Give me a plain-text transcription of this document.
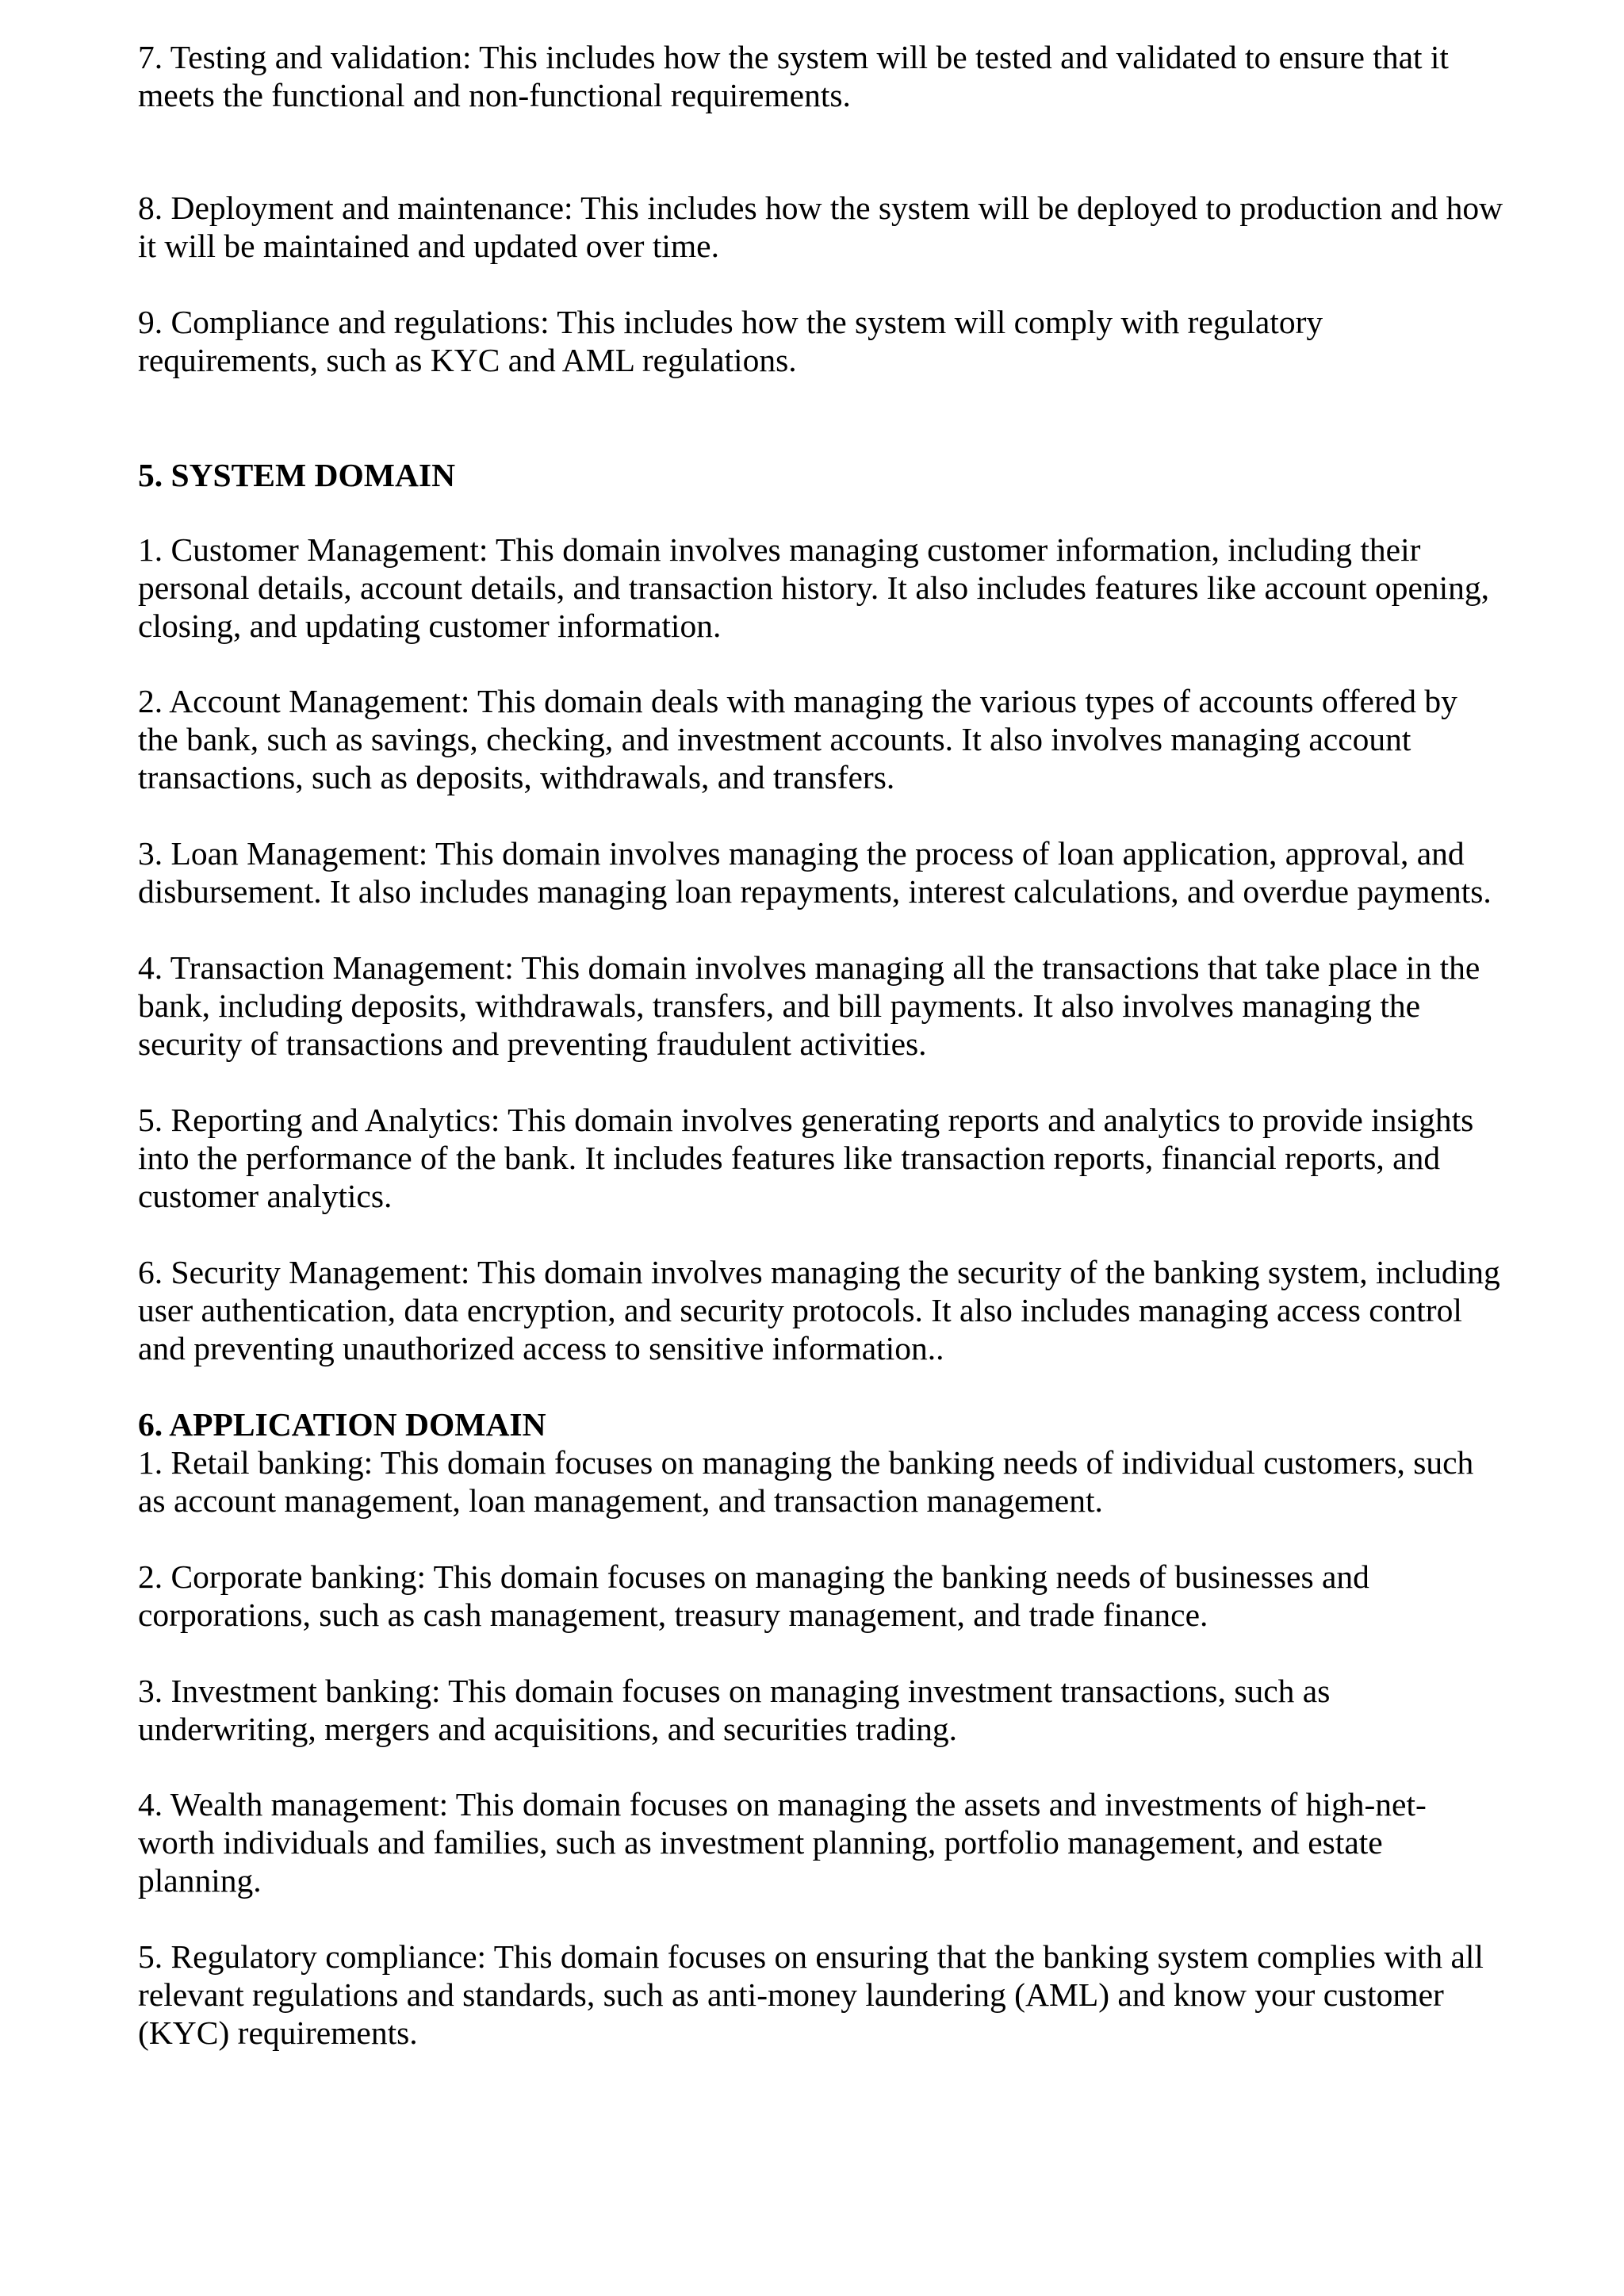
7. Testing and validation: This includes how the system will be tested and validated to ensure that it
meets the functional and non-functional requirements.

8. Deployment and maintenance: This includes how the system will be deployed to production and how
it will be maintained and updated over time.

9. Compliance and regulations: This includes how the system will comply with regulatory
requirements, such as KYC and AML regulations.

5. SYSTEM DOMAIN

1. Customer Management: This domain involves managing customer information, including their
personal details, account details, and transaction history. It also includes features like account opening,
closing, and updating customer information.

2. Account Management: This domain deals with managing the various types of accounts offered by
the bank, such as savings, checking, and investment accounts. It also involves managing account
transactions, such as deposits, withdrawals, and transfers.

3. Loan Management: This domain involves managing the process of loan application, approval, and
disbursement. It also includes managing loan repayments, interest calculations, and overdue payments.

4. Transaction Management: This domain involves managing all the transactions that take place in the
bank, including deposits, withdrawals, transfers, and bill payments. It also involves managing the
security of transactions and preventing fraudulent activities.

5. Reporting and Analytics: This domain involves generating reports and analytics to provide insights
into the performance of the bank. It includes features like transaction reports, financial reports, and
customer analytics.

6. Security Management: This domain involves managing the security of the banking system, including
user authentication, data encryption, and security protocols. It also includes managing access control
and preventing unauthorized access to sensitive information..

6. APPLICATION DOMAIN

1. Retail banking: This domain focuses on managing the banking needs of individual customers, such
as account management, loan management, and transaction management.

2. Corporate banking: This domain focuses on managing the banking needs of businesses and
corporations, such as cash management, treasury management, and trade finance.

3. Investment banking: This domain focuses on managing investment transactions, such as
underwriting, mergers and acquisitions, and securities trading.

4. Wealth management: This domain focuses on managing the assets and investments of high-net-
worth individuals and families, such as investment planning, portfolio management, and estate
planning.

5. Regulatory compliance: This domain focuses on ensuring that the banking system complies with all
relevant regulations and standards, such as anti-money laundering (AML) and know your customer
(KYC) requirements.
